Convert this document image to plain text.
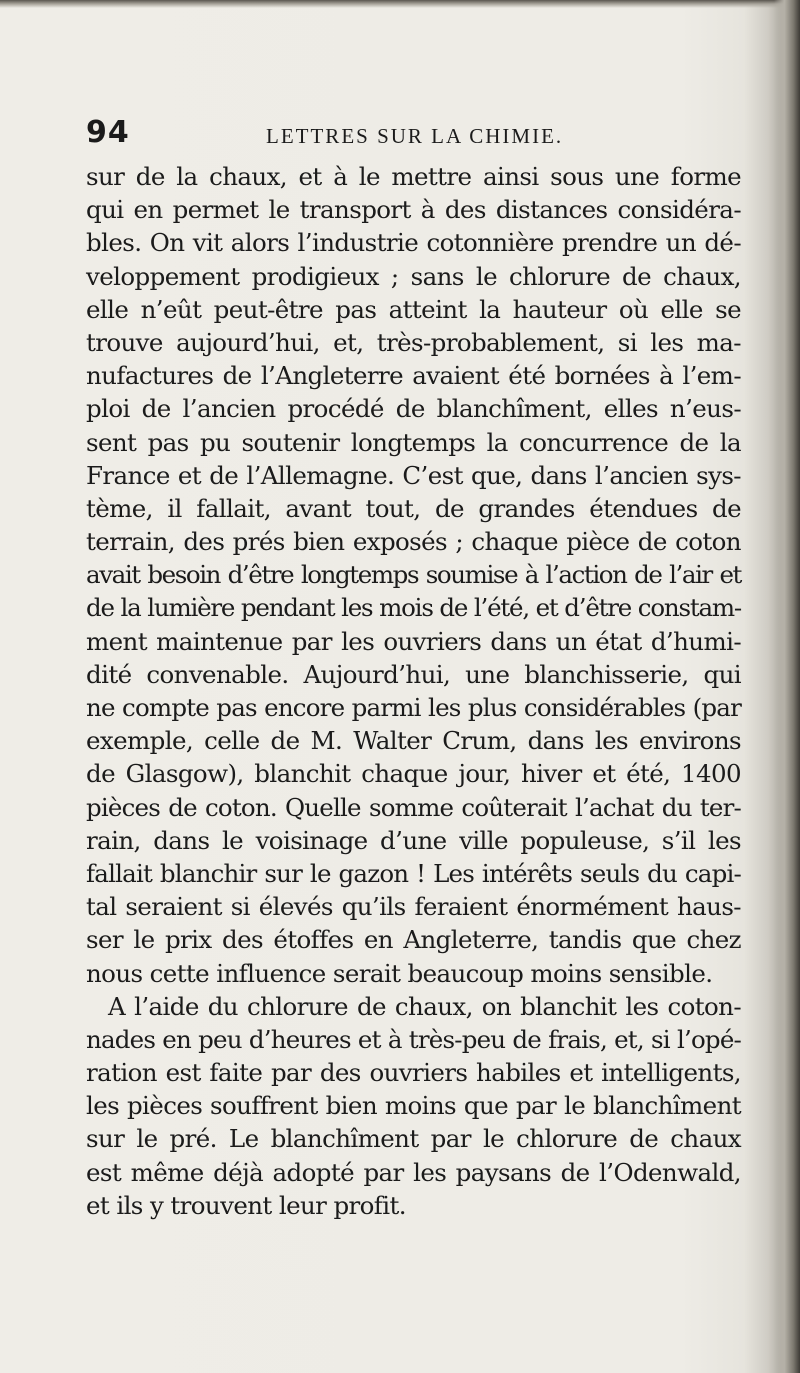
94	LETTRES SUR LA CHIMIE.
sur de la chaux, et à le mettre ainsi sous une forme
qui en permet le transport à des distances considéra-
bles. On vit alors l’industrie cotonnière prendre un dé-
veloppement prodigieux ; sans le chlorure de chaux,
elle n’eût peut-être pas atteint la hauteur où elle se
trouve aujourd’hui, et, très-probablement, si les ma-
nufactures de l’Angleterre avaient été bornées à l’em-
ploi de l’ancien procédé de blanchîment, elles n’eus-
sent pas pu soutenir longtemps la concurrence de la
France et de l’Allemagne. C’est que, dans l’ancien sys-
tème, il fallait, avant tout, de grandes étendues de
terrain, des prés bien exposés ; chaque pièce de coton
avait besoin d’être longtemps soumise à l’action de l’air et
de la lumière pendant les mois de l’été, et d’être constam-
ment maintenue par les ouvriers dans un état d’humi-
dité convenable. Aujourd’hui, une blanchisserie, qui
ne compte pas encore parmi les plus considérables (par
exemple, celle de M. Walter Crum, dans les environs
de Glasgow), blanchit chaque jour, hiver et été, 1400
pièces de coton. Quelle somme coûterait l’achat du ter-
rain, dans le voisinage d’une ville populeuse, s’il les
fallait blanchir sur le gazon ! Les intérêts seuls du capi-
tal seraient si élevés qu’ils feraient énormément haus-
ser le prix des étoffes en Angleterre, tandis que chez
nous cette influence serait beaucoup moins sensible.
A l’aide du chlorure de chaux, on blanchit les coton-
nades en peu d’heures et à très-peu de frais, et, si l’opé-
ration est faite par des ouvriers habiles et intelligents,
les pièces souffrent bien moins que par le blanchîment
sur le pré. Le blanchîment par le chlorure de chaux
est même déjà adopté par les paysans de l’Odenwald,
et ils y trouvent leur profit.
